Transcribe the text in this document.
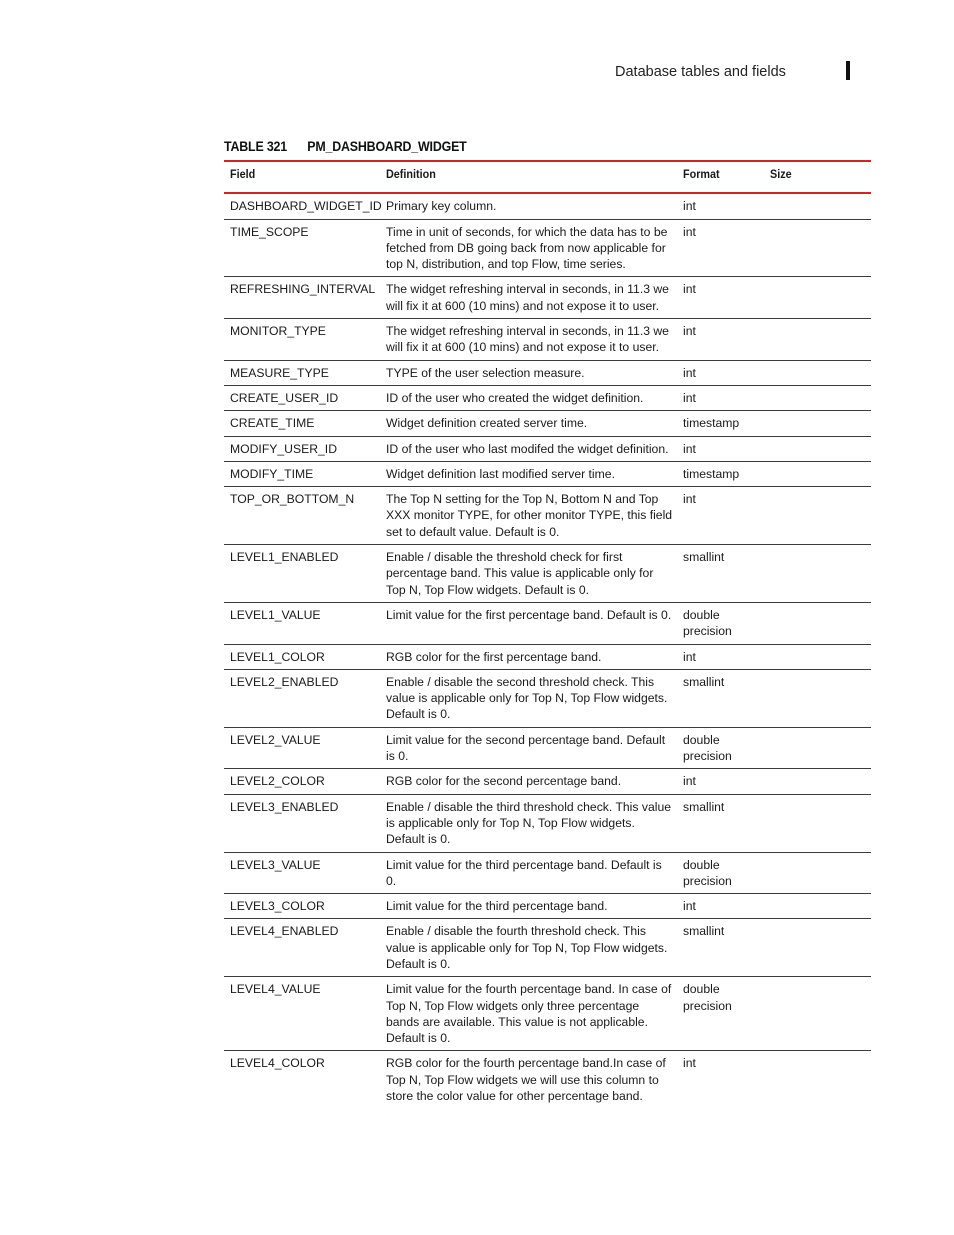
Database tables and fields
TABLE 321 PM_DASHBOARD_WIDGET
Field	Definition	Format	Size
DASHBOARD_WIDGET_ID	Primary key column.	int	
TIME_SCOPE	Time in unit of seconds, for which the data has to be fetched from DB going back from now applicable for top N, distribution, and top Flow, time series.	int	
REFRESHING_INTERVAL	The widget refreshing interval in seconds, in 11.3 we will fix it at 600 (10 mins) and not expose it to user.	int	
MONITOR_TYPE	The widget refreshing interval in seconds, in 11.3 we will fix it at 600 (10 mins) and not expose it to user.	int	
MEASURE_TYPE	TYPE of the user selection measure.	int	
CREATE_USER_ID	ID of the user who created the widget definition.	int	
CREATE_TIME	Widget definition created server time.	timestamp	
MODIFY_USER_ID	ID of the user who last modifed the widget definition.	int	
MODIFY_TIME	Widget definition last modified server time.	timestamp	
TOP_OR_BOTTOM_N	The Top N setting for the Top N, Bottom N and Top XXX monitor TYPE, for other monitor TYPE, this field set to default value. Default is 0.	int	
LEVEL1_ENABLED	Enable / disable the threshold check for first percentage band. This value is applicable only for Top N, Top Flow widgets. Default is 0.	smallint	
LEVEL1_VALUE	Limit value for the first percentage band. Default is 0.	double precision	
LEVEL1_COLOR	RGB color for the first percentage band.	int	
LEVEL2_ENABLED	Enable / disable the second threshold check. This value is applicable only for Top N, Top Flow widgets. Default is 0.	smallint	
LEVEL2_VALUE	Limit value for the second percentage band. Default is 0.	double precision	
LEVEL2_COLOR	RGB color for the second percentage band.	int	
LEVEL3_ENABLED	Enable / disable the third threshold check. This value is applicable only for Top N, Top Flow widgets. Default is 0.	smallint	
LEVEL3_VALUE	Limit value for the third percentage band. Default is 0.	double precision	
LEVEL3_COLOR	Limit value for the third percentage band.	int	
LEVEL4_ENABLED	Enable / disable the fourth threshold check. This value is applicable only for Top N, Top Flow widgets. Default is 0.	smallint	
LEVEL4_VALUE	Limit value for the fourth percentage band. In case of Top N, Top Flow widgets only three percentage bands are available. This value is not applicable. Default is 0.	double precision	
LEVEL4_COLOR	RGB color for the fourth percentage band.In case of Top N, Top Flow widgets we will use this column to store the color value for other percentage band.	int	
